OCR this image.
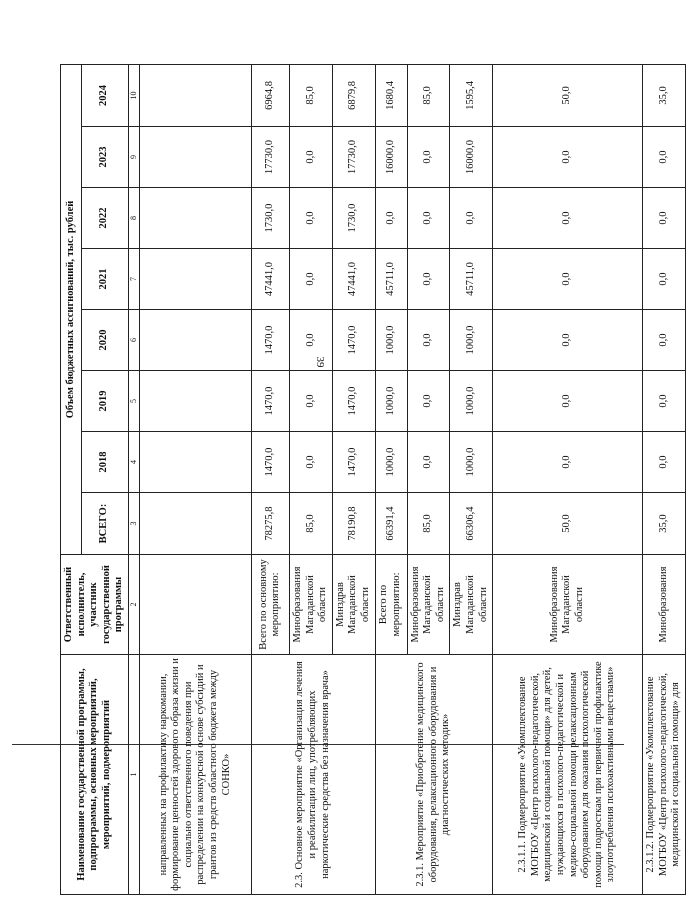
39
Наименование государственной программы, подпрограммы, основных мероприятий, мероприятий, подмероприятий	Ответственный исполнитель, участник государственной программы	Объем бюджетных ассигнований, тыс. рублей							
		ВСЕГО:	2018	2019	2020	2021	2022	2023	2024
1	2	3	4	5	6	7	8	9	10
направленных на профилактику наркомании, формирование ценностей здорового образа жизни и социально ответственного поведения при распределении на конкурсной основе субсидий и грантов из средств областного бюджета между СОНКО»									
2.3. Основное мероприятие «Организация лечения и реабилитации лиц, употребляющих наркотические средства без назначения врача»	Всего по основному мероприятию:	78275,8	1470,0	1470,0	1470,0	47441,0	1730,0	17730,0	6964,8
	Минобразования Магаданской области	85,0	0,0	0,0	0,0	0,0	0,0	0,0	85,0
	Минздрав Магаданской области	78190,8	1470,0	1470,0	1470,0	47441,0	1730,0	17730,0	6879,8
2.3.1. Мероприятие «Приобретение медицинского оборудования, релаксационного оборудования и диагностических методик»	Всего по мероприятию:	66391,4	1000,0	1000,0	1000,0	45711,0	0,0	16000,0	1680,4
	Минобразования Магаданской области	85,0	0,0	0,0	0,0	0,0	0,0	0,0	85,0
	Минздрав Магаданской области	66306,4	1000,0	1000,0	1000,0	45711,0	0,0	16000,0	1595,4
2.3.1.1. Подмероприятие «Укомплектование МОГБОУ «Центр психолого-педагогической, медицинской и социальной помощи» для детей, нуждающихся в психолого-педагогической и медико-социальной помощи релаксационным оборудованием для оказания психологической помощи подросткам при первичной профилактике злоупотребления психоактивными веществами»	Минобразования Магаданской области	50,0	0,0	0,0	0,0	0,0	0,0	0,0	50,0
2.3.1.2. Подмероприятие «Укомплектование МОГБОУ «Центр психолого-педагогической, медицинской и социальной помощи» для	Минобразования	35,0	0,0	0,0	0,0	0,0	0,0	0,0	35,0
